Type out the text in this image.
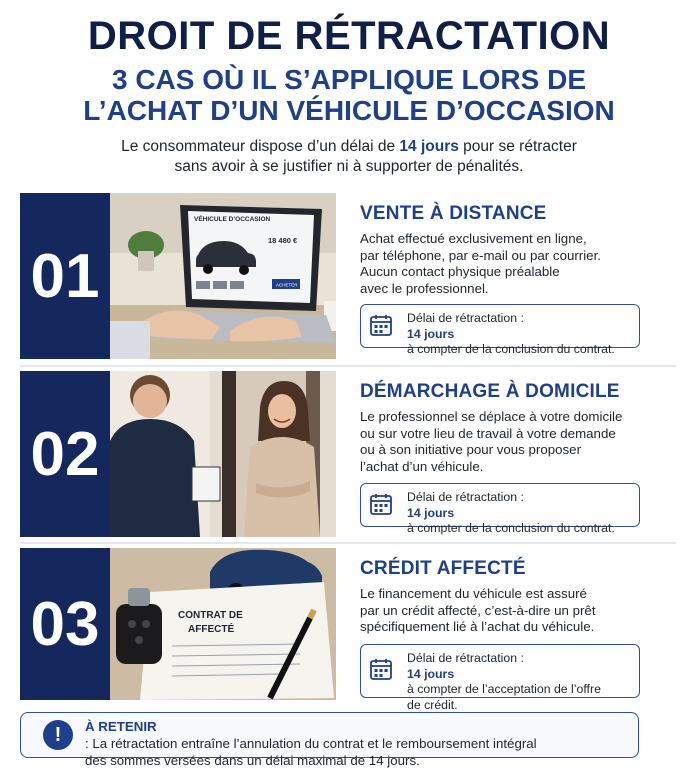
DROIT DE RÉTRACTATION
3 CAS OÙ IL S’APPLIQUE LORS DE
L’ACHAT D’UN VÉHICULE D’OCCASION
Le consommateur dispose d’un délai de 14 jours pour se rétracter
sans avoir à se justifier ni à supporter de pénalités.
01
VÉHICULE D’OCCASION
18 480 €
ACHETER
VENTE À DISTANCE
Achat effectué exclusivement en ligne,
par téléphone, par e-mail ou par courrier.
Aucun contact physique préalable
avec le professionnel.
Délai de rétractation :
14 jours
à compter de la conclusion du contrat.
02
DÉMARCHAGE À DOMICILE
Le professionnel se déplace à votre domicile
ou sur votre lieu de travail à votre demande
ou à son initiative pour vous proposer
l’achat d’un véhicule.
Délai de rétractation :
14 jours
à compter de la conclusion du contrat.
03	CONTRAT DE
AFFECTÉ
CRÉDIT AFFECTÉ
Le financement du véhicule est assuré
par un crédit affecté, c’est-à-dire un prêt
spécifiquement lié à l’achat du véhicule.
Délai de rétractation :
14 jours
à compter de l’acceptation de l’offre
de crédit.
!	À RETENIR
: La rétractation entraîne l’annulation du contrat et le remboursement intégral
des sommes versées dans un délai maximal de 14 jours.
